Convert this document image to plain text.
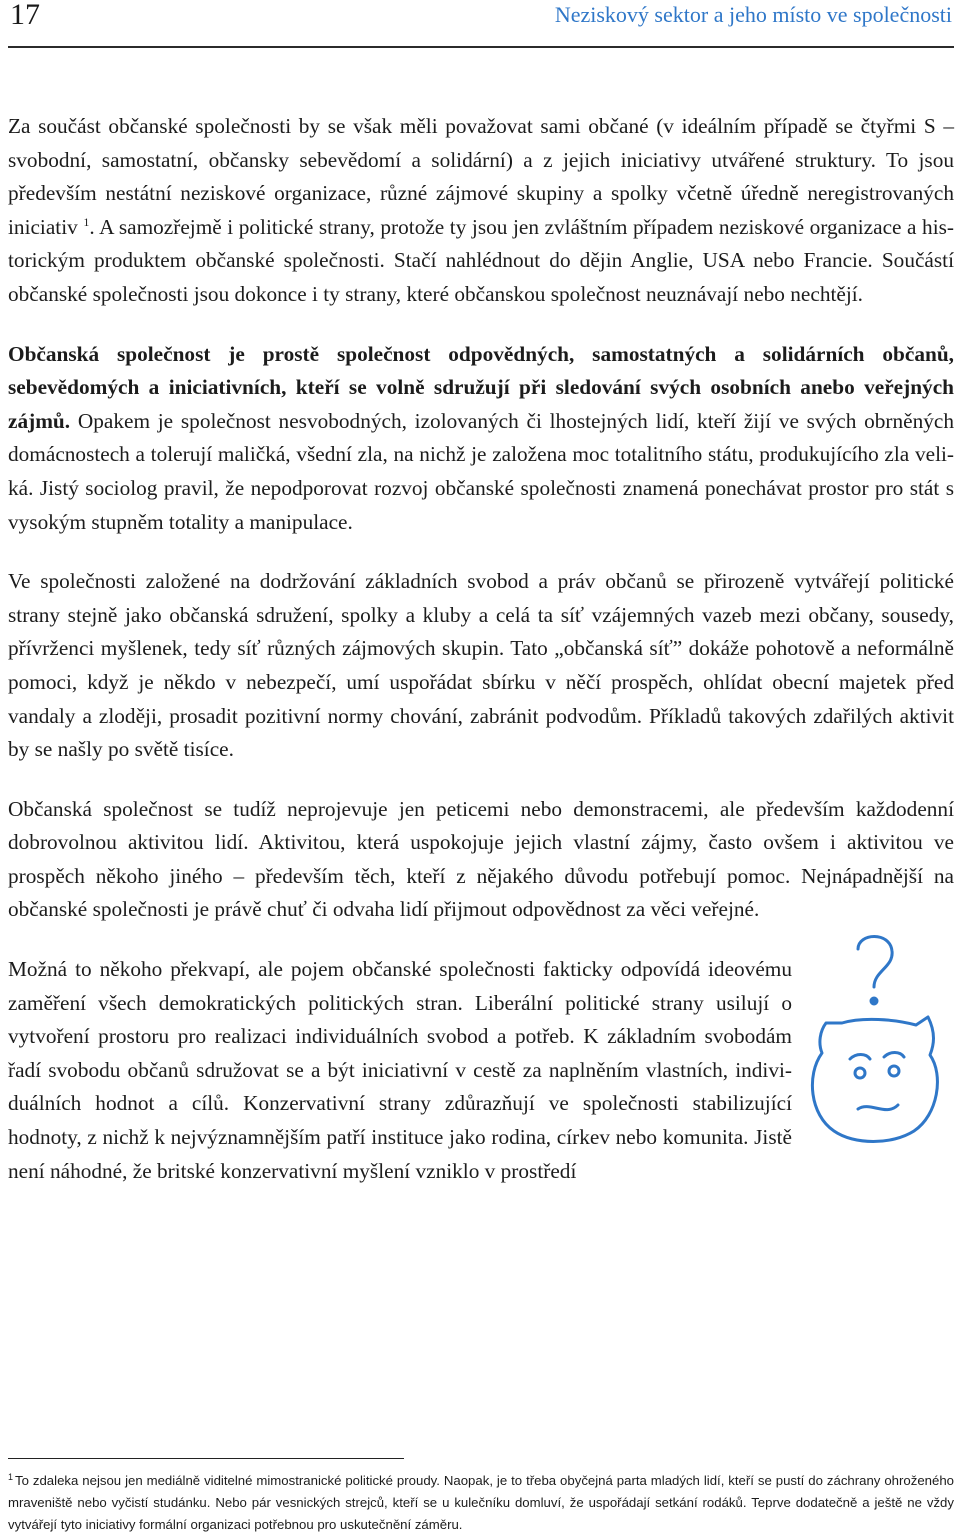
17	Neziskový sektor a jeho místo ve společnosti

Za součást občanské společnosti by se však měli považovat sami občané (v ideálním případě se čtyřmi S – svobodní, samostatní, občansky sebevědomí a solidární) a z jejich iniciativy utvářené struktury. To jsou především nestátní neziskové organizace, různé zájmové skupiny a spolky včetně úředně neregistrovaných iniciativ $^1$. A samozřejmě i politické strany, protože ty jsou jen zvláštním případem neziskové organizace a historickým produktem občanské společnosti. Stačí nahlédnout do dějin Anglie, USA nebo Francie. Součástí občanské společnosti jsou dokonce i ty strany, které občanskou společnost neuznávají nebo nechtějí.

Občanská společnost je prostě společnost odpovědných, samostatných a solidárních občanů, sebevědomých a iniciativních, kteří se volně sdružují při sledování svých osobních anebo veřejných zájmů. Opakem je společnost nesvobodných, izolovaných či lhostejných lidí, kteří žijí ve svých obrněných domácnostech a tolerují maličká, všední zla, na nichž je založena moc totalitního státu, produkujícího zla veliká. Jistý sociolog pravil, že nepodporovat rozvoj občanské společnosti znamená ponechávat prostor pro stát s vysokým stupněm totality a manipulace.

Ve společnosti založené na dodržování základních svobod a práv občanů se přirozeně vytvářejí politické strany stejně jako občanská sdružení, spolky a kluby a celá ta síť vzájemných vazeb mezi občany, sousedy, přívrženci myšlenek, tedy síť různých zájmových skupin. Tato „občanská síť” dokáže pohotově a neformálně pomoci, když je někdo v nebezpečí, umí uspořádat sbírku v něčí prospěch, ohlídat obecní majetek před vandaly a zloději, prosadit pozitivní normy chování, zabránit podvodům. Příkladů takových zdařilých aktivit by se našly po světě tisíce.

Občanská společnost se tudíž neprojevuje jen peticemi nebo demonstracemi, ale především každodenní dobrovolnou aktivitou lidí. Aktivitou, která uspokojuje jejich vlastní zájmy, často ovšem i aktivitou ve prospěch někoho jiného – především těch, kteří z nějakého důvodu potřebují pomoc. Nejnápadnější na občanské společnosti je právě chuť či odvaha lidí přijmout odpovědnost za věci veřejné.

Možná to někoho překvapí, ale pojem občanské společnosti fakticky odpovídá ideovému zaměření všech demokratických politických stran. Liberální politické strany usilují o vytvoření prostoru pro realizaci individuálních svobod a potřeb. K základním svobodám řadí svobodu občanů sdružovat se a být iniciativní v cestě za naplněním vlastních, individuálních hodnot a cílů. Konzervativní strany zdůrazňují ve společnosti stabilizující hodnoty, z nichž k nejvýznamnějším patří instituce jako rodina, církev nebo komunita. Jistě není náhodné, že britské konzervativní myšlení vzniklo v prostředí

$^1$ To zdaleka nejsou jen mediálně viditelné mimostranické politické proudy. Naopak, je to třeba obyčejná parta mladých lidí, kteří se pustí do záchrany ohroženého mraveniště nebo vyčistí studánku. Nebo pár vesnických strejců, kteří se u kulečníku domluví, že uspořádají setkání rodáků. Teprve dodatečně a ještě ne vždy vytvářejí tyto iniciativy formální organizaci potřebnou pro uskutečnění záměru.
